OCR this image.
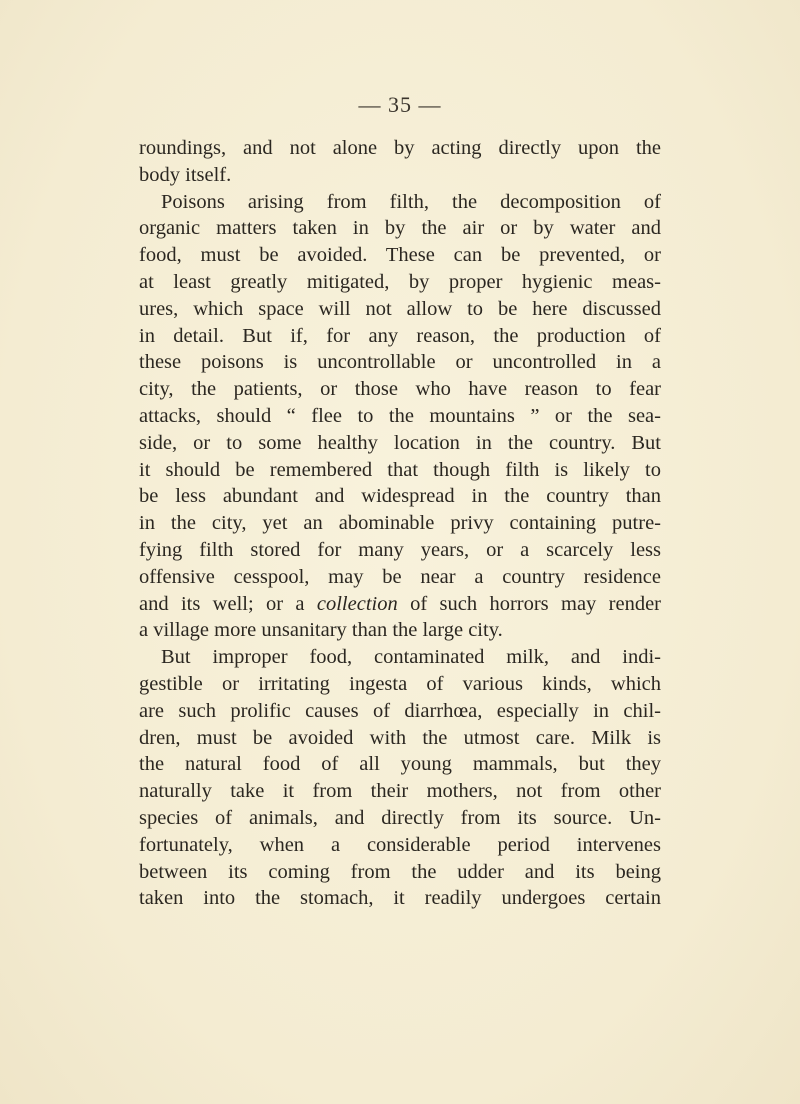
— 35 —
roundings, and not alone by acting directly upon the
body itself.
Poisons arising from filth, the decomposition of
organic matters taken in by the air or by water and
food, must be avoided. These can be prevented, or
at least greatly mitigated, by proper hygienic meas-
ures, which space will not allow to be here discussed
in detail. But if, for any reason, the production of
these poisons is uncontrollable or uncontrolled in a
city, the patients, or those who have reason to fear
attacks, should “ flee to the mountains ” or the sea-
side, or to some healthy location in the country. But
it should be remembered that though filth is likely to
be less abundant and widespread in the country than
in the city, yet an abominable privy containing putre-
fying filth stored for many years, or a scarcely less
offensive cesspool, may be near a country residence
and its well; or a collection of such horrors may render
a village more unsanitary than the large city.
But improper food, contaminated milk, and indi-
gestible or irritating ingesta of various kinds, which
are such prolific causes of diarrhœa, especially in chil-
dren, must be avoided with the utmost care. Milk is
the natural food of all young mammals, but they
naturally take it from their mothers, not from other
species of animals, and directly from its source. Un-
fortunately, when a considerable period intervenes
between its coming from the udder and its being
taken into the stomach, it readily undergoes certain
